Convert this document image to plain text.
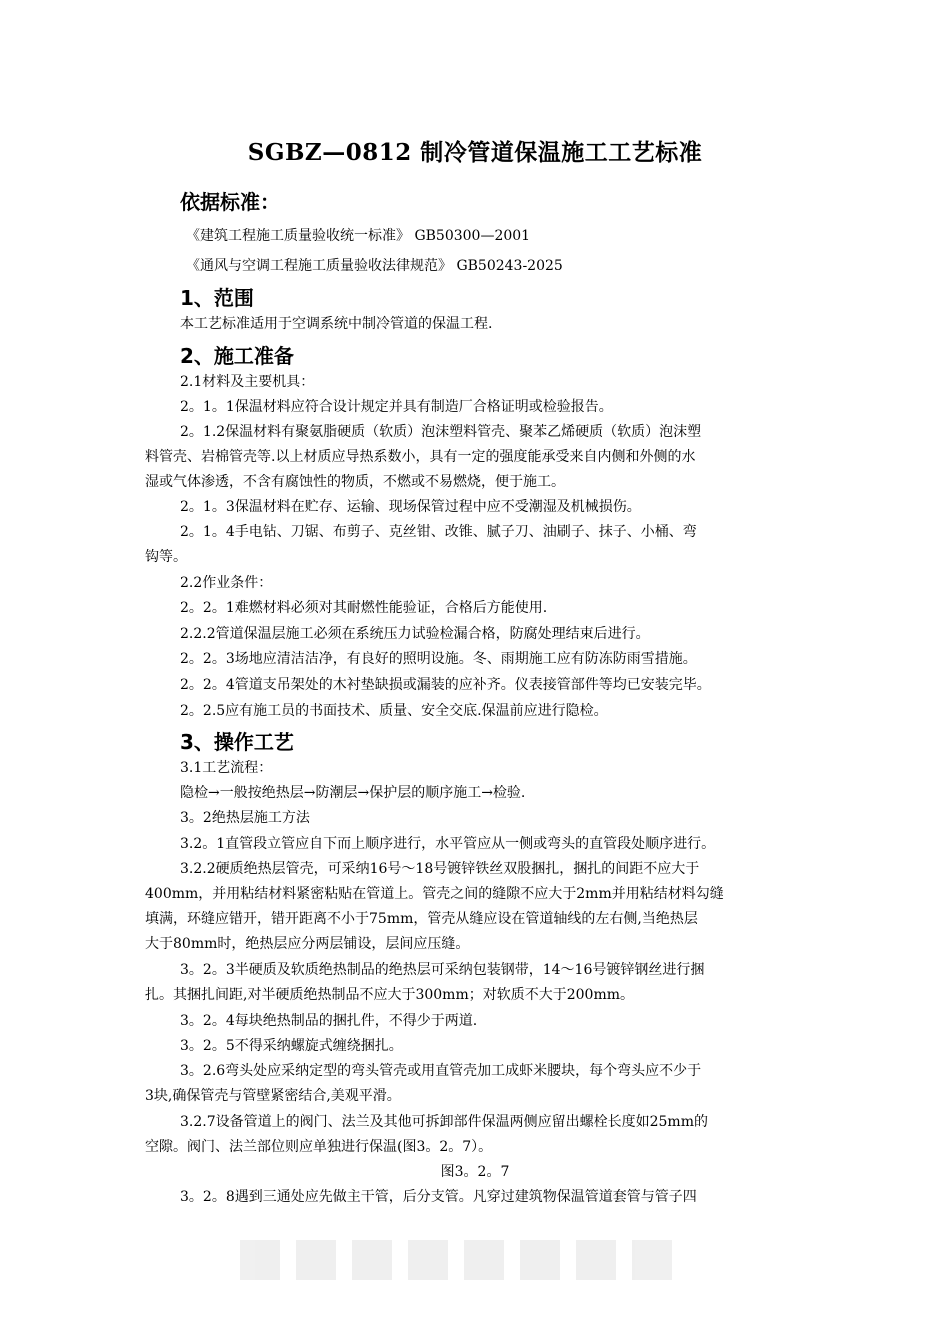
SGBZ—0812 制冷管道保温施工工艺标准
依据标准：
《建筑工程施工质量验收统一标准》 GB50300—2001
《通风与空调工程施工质量验收法律规范》 GB50243-2025
1、范围
本工艺标准适用于空调系统中制冷管道的保温工程.
2、施工准备
2.1材料及主要机具：
2。1。1保温材料应符合设计规定并具有制造厂合格证明或检验报告。
2。1.2保温材料有聚氨脂硬质（软质）泡沫塑料管壳、聚苯乙烯硬质（软质）泡沫塑
料管壳、岩棉管壳等.以上材质应导热系数小，具有一定的强度能承受来自内侧和外侧的水
湿或气体渗透，不含有腐蚀性的物质，不燃或不易燃烧，便于施工。
2。1。3保温材料在贮存、运输、现场保管过程中应不受潮湿及机械损伤。
2。1。4手电钻、刀锯、布剪子、克丝钳、改锥、腻子刀、油刷子、抹子、小桶、弯
钩等。
2.2作业条件：
2。2。1难燃材料必须对其耐燃性能验证，合格后方能使用.
2.2.2管道保温层施工必须在系统压力试验检漏合格，防腐处理结束后进行。
2。2。3场地应清洁洁净，有良好的照明设施。冬、雨期施工应有防冻防雨雪措施。
2。2。4管道支吊架处的木衬垫缺损或漏装的应补齐。仪表接管部件等均已安装完毕。
2。2.5应有施工员的书面技术、质量、安全交底.保温前应进行隐检。
3、操作工艺
3.1工艺流程：
隐检→一般按绝热层→防潮层→保护层的顺序施工→检验.
3。2绝热层施工方法
3.2。1直管段立管应自下而上顺序进行，水平管应从一侧或弯头的直管段处顺序进行。
3.2.2硬质绝热层管壳，可采纳16号～18号镀锌铁丝双股捆扎，捆扎的间距不应大于
400mm，并用粘结材料紧密粘贴在管道上。管壳之间的缝隙不应大于2mm并用粘结材料勾缝
填满，环缝应错开，错开距离不小于75mm，管壳从缝应设在管道轴线的左右侧,当绝热层
大于80mm时，绝热层应分两层铺设，层间应压缝。
3。2。3半硬质及软质绝热制品的绝热层可采纳包装钢带，14～16号镀锌钢丝进行捆
扎。其捆扎间距,对半硬质绝热制品不应大于300mm；对软质不大于200mm。
3。2。4每块绝热制品的捆扎件，不得少于两道.
3。2。5不得采纳螺旋式缠绕捆扎。
3。2.6弯头处应采纳定型的弯头管壳或用直管壳加工成虾米腰块，每个弯头应不少于
3块,确保管壳与管壁紧密结合,美观平滑。
3.2.7设备管道上的阀门、法兰及其他可拆卸部件保温两侧应留出螺栓长度如25mm的
空隙。阀门、法兰部位则应单独进行保温(图3。2。7）。
图3。2。7
3。2。8遇到三通处应先做主干管，后分支管。凡穿过建筑物保温管道套管与管子四
